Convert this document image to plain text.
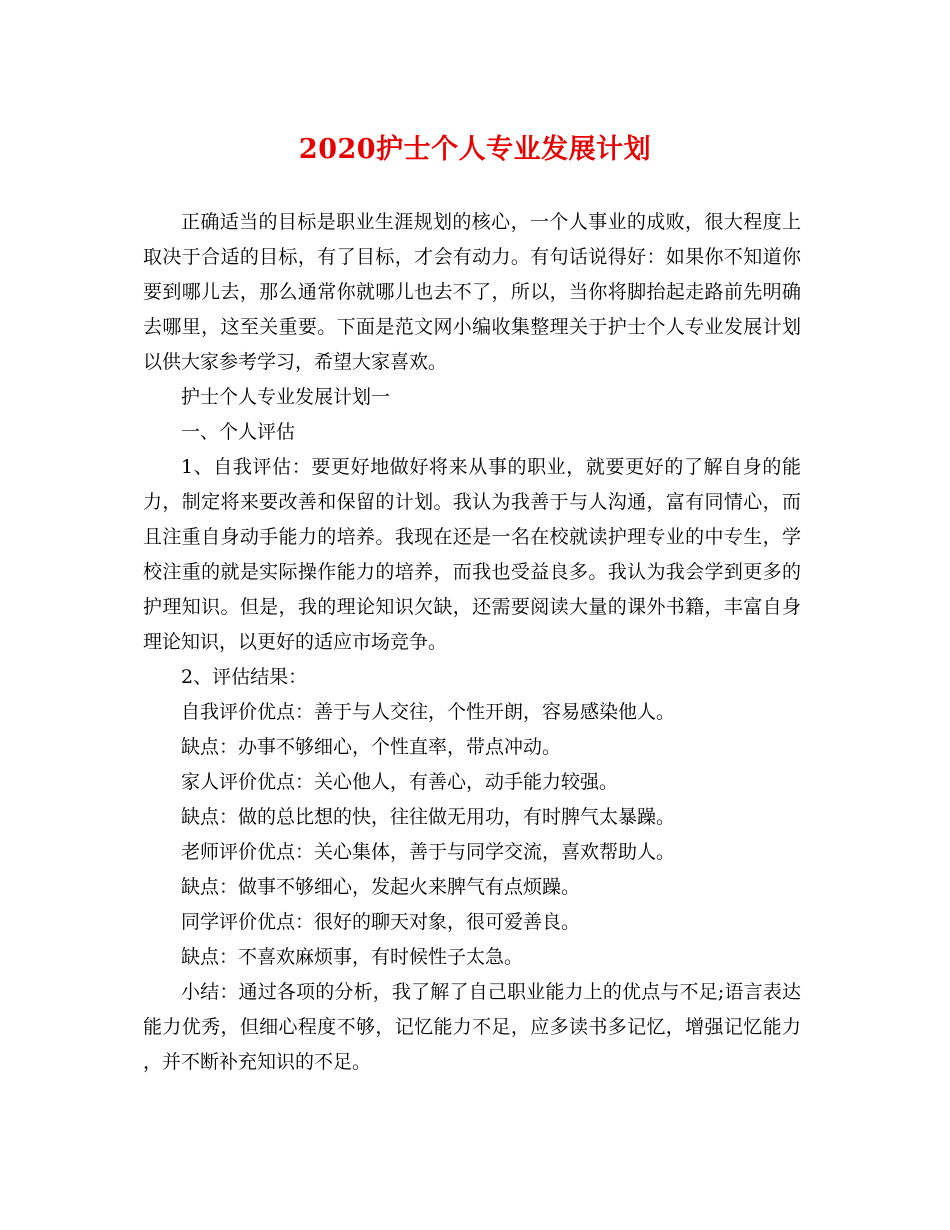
2020护士个人专业发展计划

正确适当的目标是职业生涯规划的核心，一个人事业的成败，很大程度上取决于合适的目标，有了目标，才会有动力。有句话说得好：如果你不知道你要到哪儿去，那么通常你就哪儿也去不了，所以，当你将脚抬起走路前先明确去哪里，这至关重要。下面是范文网小编收集整理关于护士个人专业发展计划以供大家参考学习，希望大家喜欢。

护士个人专业发展计划一

一、个人评估

1、自我评估：要更好地做好将来从事的职业，就要更好的了解自身的能力，制定将来要改善和保留的计划。我认为我善于与人沟通，富有同情心，而且注重自身动手能力的培养。我现在还是一名在校就读护理专业的中专生，学校注重的就是实际操作能力的培养，而我也受益良多。我认为我会学到更多的护理知识。但是，我的理论知识欠缺，还需要阅读大量的课外书籍，丰富自身理论知识，以更好的适应市场竞争。

2、评估结果：

自我评价优点：善于与人交往，个性开朗，容易感染他人。

缺点：办事不够细心，个性直率，带点冲动。

家人评价优点：关心他人，有善心，动手能力较强。

缺点：做的总比想的快，往往做无用功，有时脾气太暴躁。

老师评价优点：关心集体，善于与同学交流，喜欢帮助人。

缺点：做事不够细心，发起火来脾气有点烦躁。

同学评价优点：很好的聊天对象，很可爱善良。

缺点：不喜欢麻烦事，有时候性子太急。

小结：通过各项的分析，我了解了自己职业能力上的优点与不足;语言表达能力优秀，但细心程度不够，记忆能力不足，应多读书多记忆，增强记忆能力，并不断补充知识的不足。
